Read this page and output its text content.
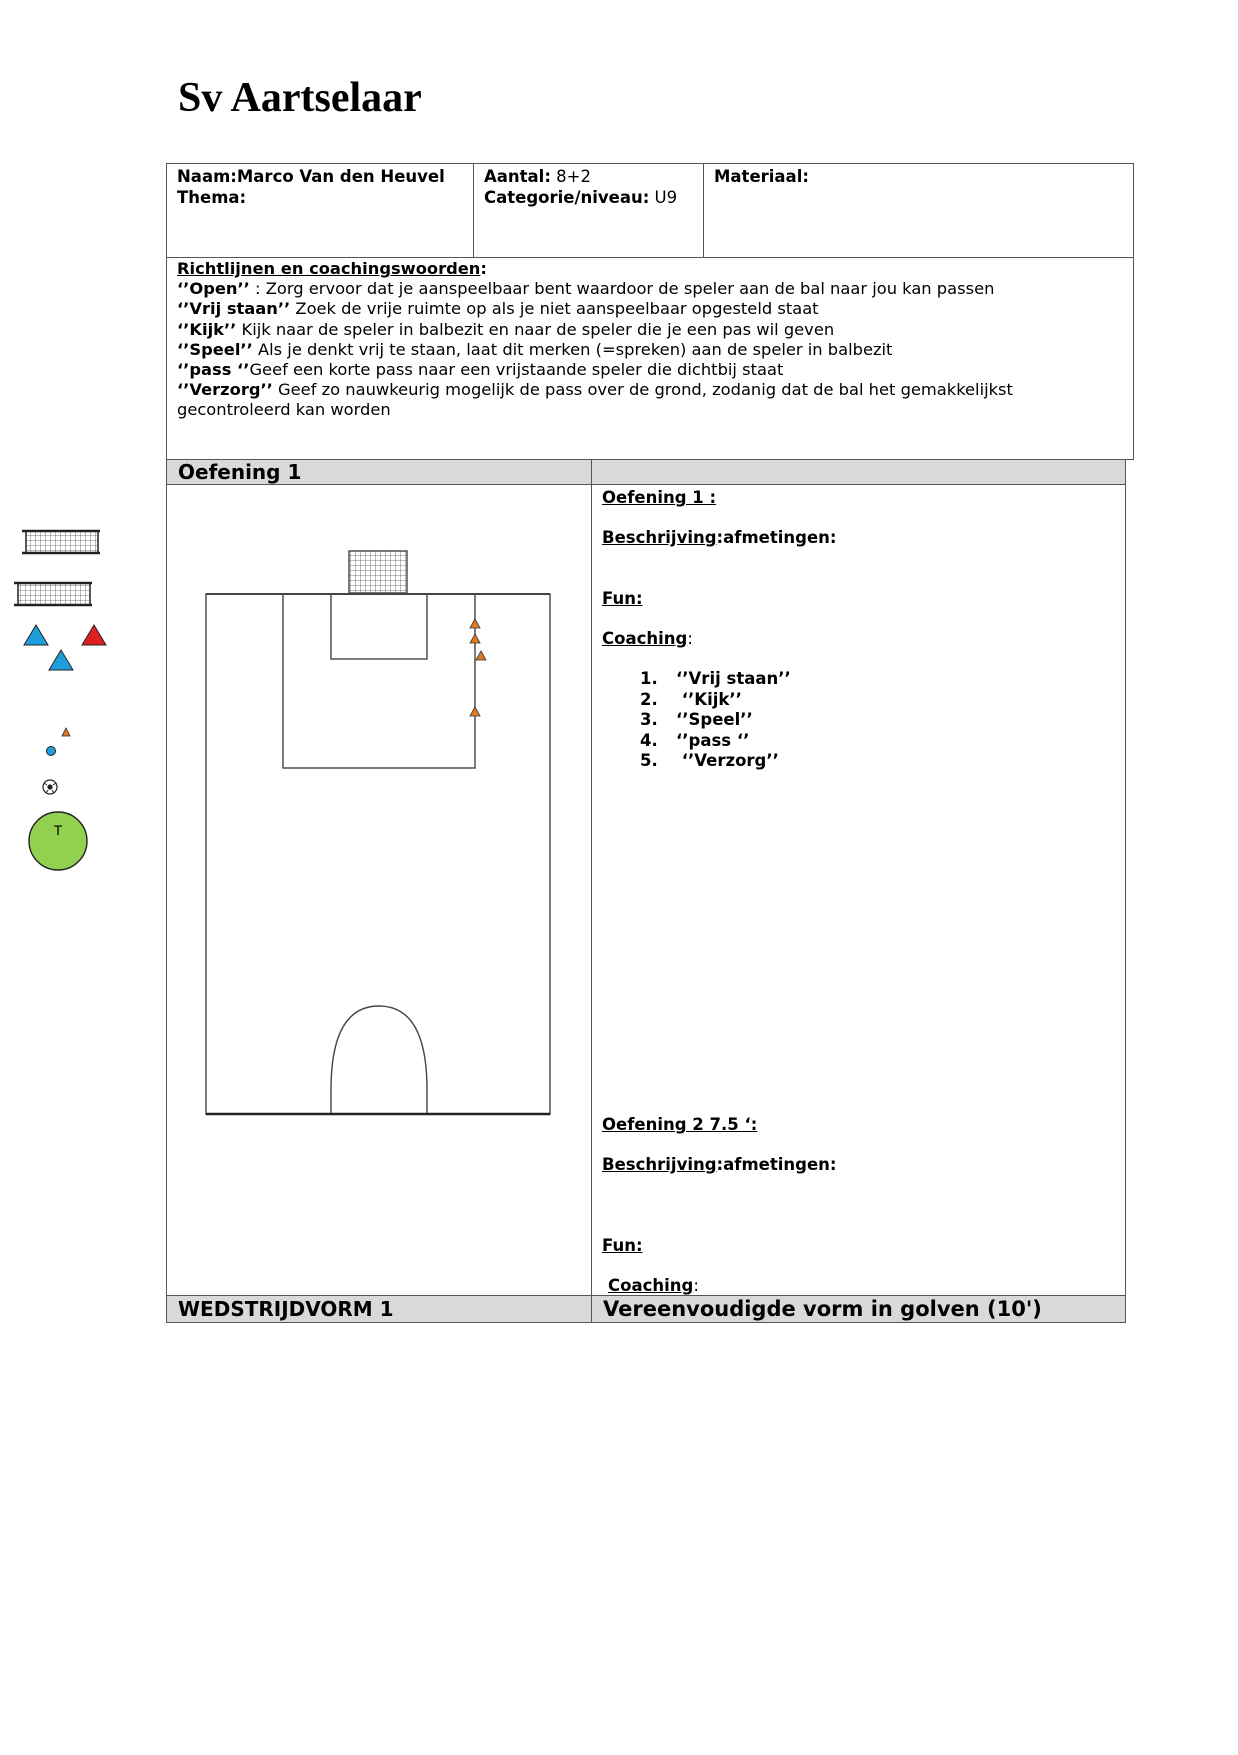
Sv Aartselaar
Naam:Marco Van den Heuvel
Thema:
Aantal: 8+2
Categorie/niveau: U9
Materiaal:
Richtlijnen en coachingswoorden:
‘’Open’’ : Zorg ervoor dat je aanspeelbaar bent waardoor de speler aan de bal naar jou kan passen
‘’Vrij staan’’ Zoek de vrije ruimte op als je niet aanspeelbaar opgesteld staat
‘’Kijk’’ Kijk naar de speler in balbezit en naar de speler die je een pas wil geven
‘’Speel’’ Als je denkt vrij te staan, laat dit merken (=spreken) aan de speler in balbezit
‘’pass ‘’Geef een korte pass naar een vrijstaande speler die dichtbij staat
‘’Verzorg’’ Geef zo nauwkeurig mogelijk de pass over de grond, zodanig dat de bal het gemakkelijkst
gecontroleerd kan worden
Oefening 1
T
Oefening 1 :
Beschrijving:afmetingen:
Fun:
Coaching:
1. ‘’Vrij staan’’
2. ‘’Kijk’’
3. ‘’Speel’’
4. ‘’pass ‘’
5. ‘’Verzorg’’
Oefening 2 7.5 ‘:
Beschrijving:afmetingen:
Fun:
Coaching:
WEDSTRIJDVORM 1	Vereenvoudigde vorm in golven (10')
